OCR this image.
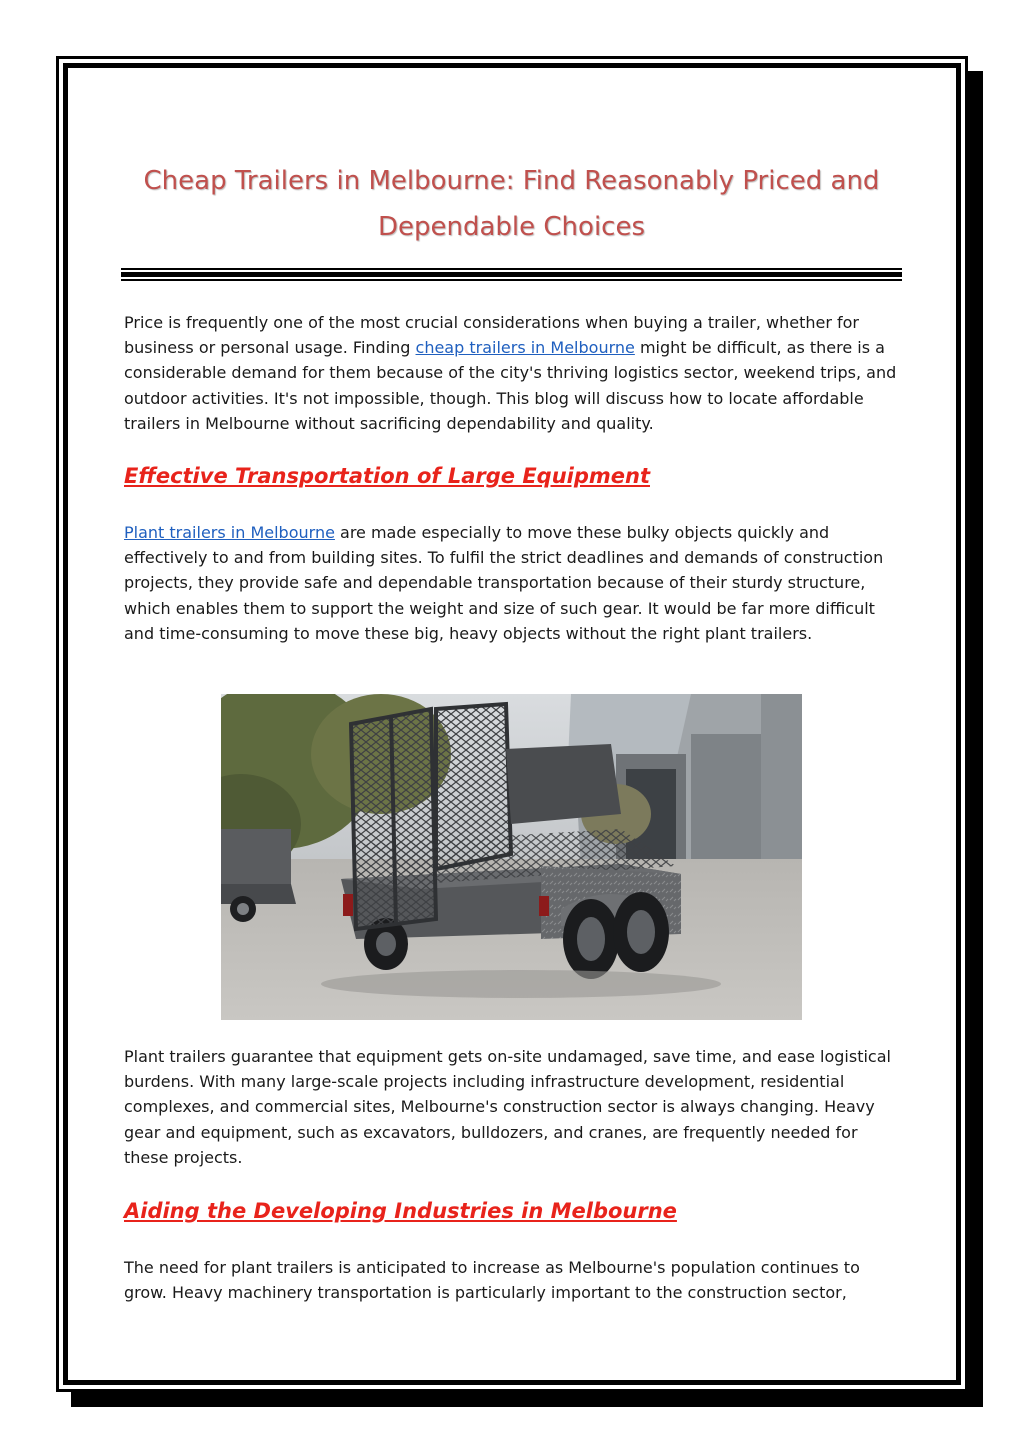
Cheap Trailers in Melbourne: Find Reasonably Priced and Dependable Choices

Price is frequently one of the most crucial considerations when buying a trailer, whether for business or personal usage. Finding cheap trailers in Melbourne might be difficult, as there is a considerable demand for them because of the city's thriving logistics sector, weekend trips, and outdoor activities. It's not impossible, though. This blog will discuss how to locate affordable trailers in Melbourne without sacrificing dependability and quality.

Effective Transportation of Large Equipment

Plant trailers in Melbourne are made especially to move these bulky objects quickly and effectively to and from building sites. To fulfil the strict deadlines and demands of construction projects, they provide safe and dependable transportation because of their sturdy structure, which enables them to support the weight and size of such gear. It would be far more difficult and time-consuming to move these big, heavy objects without the right plant trailers.

Plant trailers guarantee that equipment gets on-site undamaged, save time, and ease logistical burdens. With many large-scale projects including infrastructure development, residential complexes, and commercial sites, Melbourne's construction sector is always changing. Heavy gear and equipment, such as excavators, bulldozers, and cranes, are frequently needed for these projects.

Aiding the Developing Industries in Melbourne

The need for plant trailers is anticipated to increase as Melbourne's population continues to grow. Heavy machinery transportation is particularly important to the construction sector,
